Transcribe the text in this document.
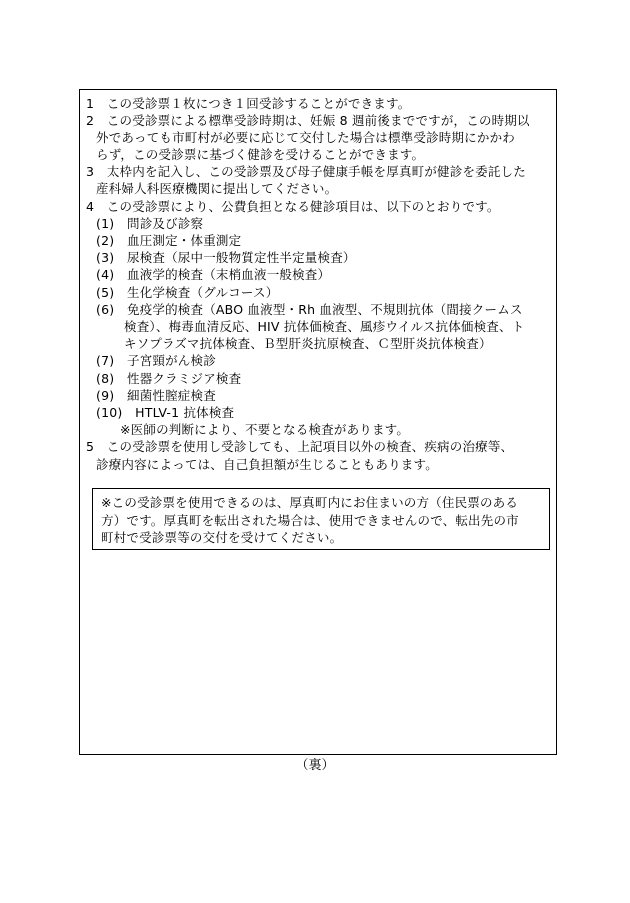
1　この受診票１枚につき１回受診することができます。
2　この受診票による標準受診時期は、妊娠 8 週前後までですが，この時期以
外であっても市町村が必要に応じて交付した場合は標準受診時期にかかわ
らず，この受診票に基づく健診を受けることができます。
3　太枠内を記入し、この受診票及び母子健康手帳を厚真町が健診を委託した
産科婦人科医療機関に提出してください。
4　この受診票により、公費負担となる健診項目は、以下のとおりです。
(1)　問診及び診察
(2)　血圧測定・体重測定
(3)　尿検査（尿中一般物質定性半定量検査）
(4)　血液学的検査（末梢血液一般検査）
(5)　生化学検査（グルコース）
(6)　免疫学的検査（ABO 血液型・Rh 血液型、不規則抗体（間接クームス
検査）、梅毒血清反応、HIV 抗体価検査、風疹ウイルス抗体価検査、ト
キソプラズマ抗体検査、Ｂ型肝炎抗原検査、Ｃ型肝炎抗体検査）
(7)　子宮頸がん検診
(8)　性器クラミジア検査
(9)　細菌性膣症検査
(10)　HTLV-1 抗体検査
※医師の判断により、不要となる検査があります。
5　この受診票を使用し受診しても、上記項目以外の検査、疾病の治療等、
診療内容によっては、自己負担額が生じることもあります。
※この受診票を使用できるのは、厚真町内にお住まいの方（住民票のある
方）です。厚真町を転出された場合は、使用できませんので、転出先の市
町村で受診票等の交付を受けてください。
（裏）
